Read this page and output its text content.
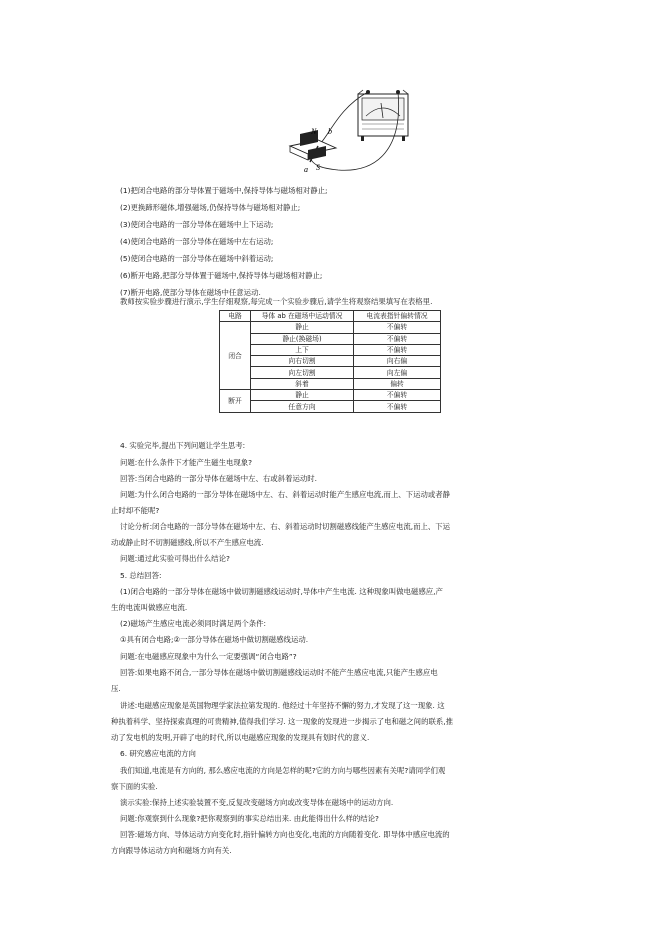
N
a
b
S
(1)把闭合电路的部分导体置于磁场中,保持导体与磁场相对静止;
(2)更换蹄形磁体,增强磁场,仍保持导体与磁场相对静止;
(3)使闭合电路的一部分导体在磁场中上下运动;
(4)使闭合电路的一部分导体在磁场中左右运动;
(5)使闭合电路的一部分导体在磁场中斜着运动;
(6)断开电路,把部分导体置于磁场中,保持导体与磁场相对静止;
(7)断开电路,使部分导体在磁场中任意运动.
教师按实验步骤进行演示,学生仔细观察,每完成一个实验步骤后,请学生将观察结果填写在表格里.
电路	导体 ab 在磁场中运动情况	电流表指针偏转情况
闭合	静止	不偏转
	静止(换磁场)	不偏转
	上下	不偏转
	向右切割	向右偏
	向左切割	向左偏
	斜着	偏转
断开	静止	不偏转
	任意方向	不偏转
4. 实验完毕,提出下列问题让学生思考:
问题:在什么条件下才能产生磁生电现象?
回答:当闭合电路的一部分导体在磁场中左、右或斜着运动时.
问题:为什么闭合电路的一部分导体在磁场中左、右、斜着运动时能产生感应电流,而上、下运动或者静
止时却不能呢?
讨论分析:闭合电路的一部分导体在磁场中左、右、斜着运动时切割磁感线能产生感应电流,而上、下运
动或静止时不切割磁感线,所以不产生感应电流.
问题:通过此实验可得出什么结论?
5. 总结回答:
(1)闭合电路的一部分导体在磁场中做切割磁感线运动时,导体中产生电流. 这种现象叫做电磁感应,产
生的电流叫做感应电流.
(2)磁场产生感应电流必须同时满足两个条件:
①具有闭合电路;②一部分导体在磁场中做切割磁感线运动.
问题:在电磁感应现象中为什么一定要强调“闭合电路”?
回答:如果电路不闭合,一部分导体在磁场中做切割磁感线运动时不能产生感应电流,只能产生感应电
压.
讲述:电磁感应现象是英国物理学家法拉第发现的. 他经过十年坚持不懈的努力,才发现了这一现象. 这
种执着科学、坚持探索真理的可贵精神,值得我们学习. 这一现象的发现进一步揭示了电和磁之间的联系,推
动了发电机的发明,开辟了电的时代,所以电磁感应现象的发现具有划时代的意义.
6. 研究感应电流的方向
我们知道,电流是有方向的, 那么感应电流的方向是怎样的呢?它的方向与哪些因素有关呢?请同学们观
察下面的实验.
演示实验:保持上述实验装置不变,反复改变磁场方向或改变导体在磁场中的运动方向.
问题:你观察到什么现象?把你观察到的事实总结出来. 由此能得出什么样的结论?
回答:磁场方向、导体运动方向变化时,指针偏转方向也变化,电流的方向随着变化. 即导体中感应电流的
方向跟导体运动方向和磁场方向有关.
